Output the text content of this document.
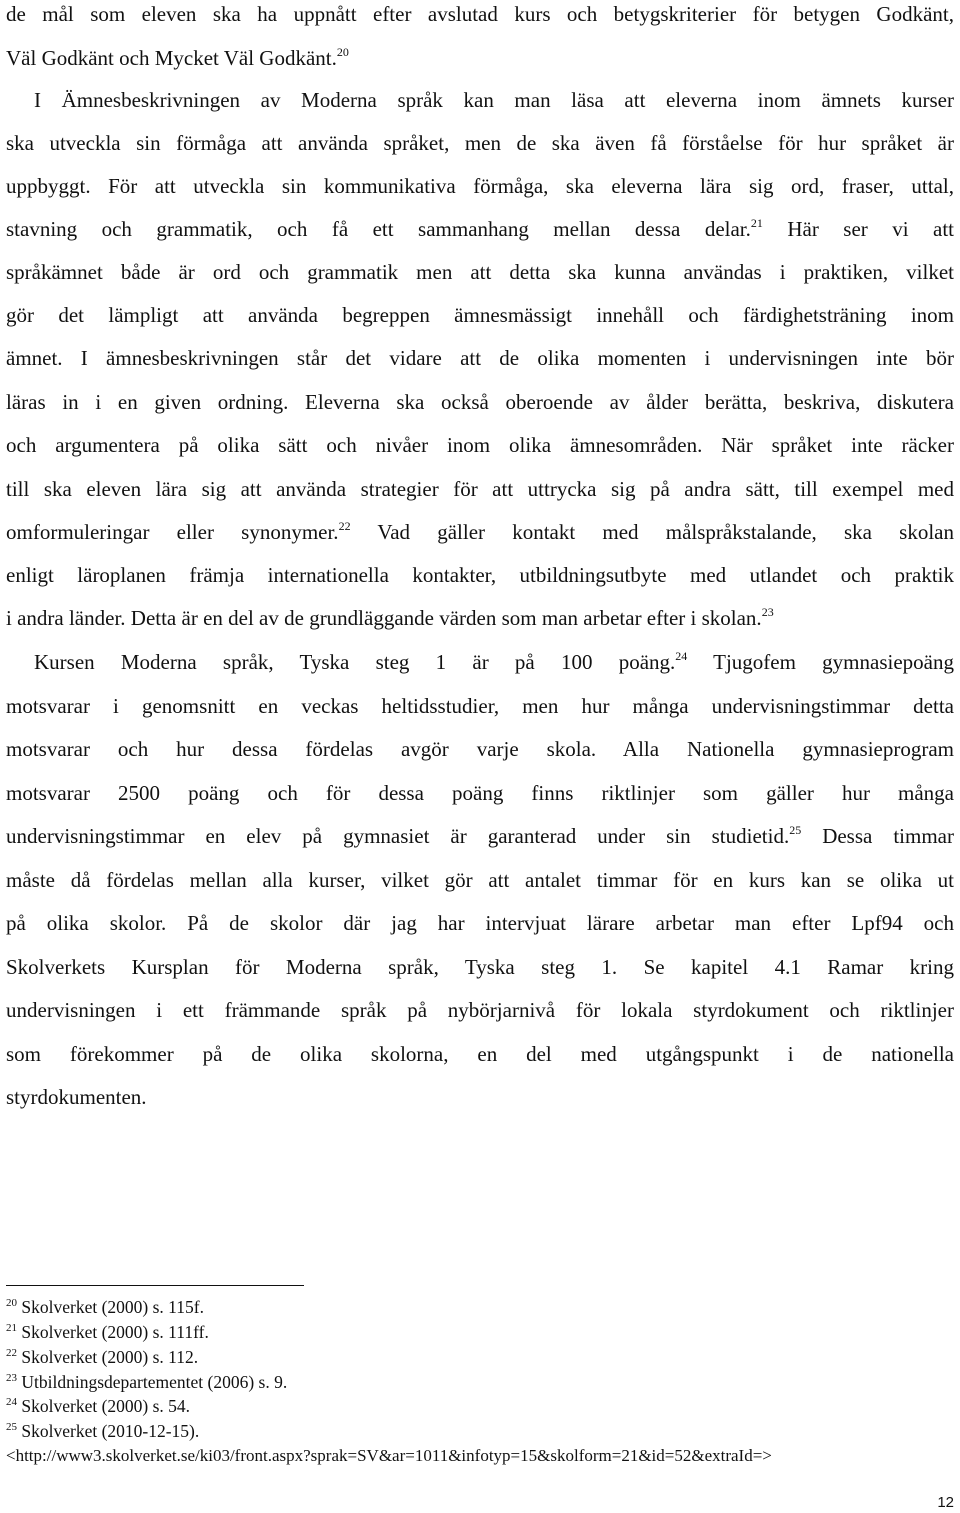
de mål som eleven ska ha uppnått efter avslutad kurs och betygskriterier för betygen Godkänt,
Väl Godkänt och Mycket Väl Godkänt.$^{20}$
I Ämnesbeskrivningen av Moderna språk kan man läsa att eleverna inom ämnets kurser
ska utveckla sin förmåga att använda språket, men de ska även få förståelse för hur språket är
uppbyggt. För att utveckla sin kommunikativa förmåga, ska eleverna lära sig ord, fraser, uttal,
stavning och grammatik, och få ett sammanhang mellan dessa delar.$^{21}$ Här ser vi att
språkämnet både är ord och grammatik men att detta ska kunna användas i praktiken, vilket
gör det lämpligt att använda begreppen ämnesmässigt innehåll och färdighetsträning inom
ämnet. I ämnesbeskrivningen står det vidare att de olika momenten i undervisningen inte bör
läras in i en given ordning. Eleverna ska också oberoende av ålder berätta, beskriva, diskutera
och argumentera på olika sätt och nivåer inom olika ämnesområden. När språket inte räcker
till ska eleven lära sig att använda strategier för att uttrycka sig på andra sätt, till exempel med
omformuleringar eller synonymer.$^{22}$ Vad gäller kontakt med målspråkstalande, ska skolan
enligt läroplanen främja internationella kontakter, utbildningsutbyte med utlandet och praktik
i andra länder. Detta är en del av de grundläggande värden som man arbetar efter i skolan.$^{23}$
Kursen Moderna språk, Tyska steg 1 är på 100 poäng.$^{24}$ Tjugofem gymnasiepoäng
motsvarar i genomsnitt en veckas heltidsstudier, men hur många undervisningstimmar detta
motsvarar och hur dessa fördelas avgör varje skola. Alla Nationella gymnasieprogram
motsvarar 2500 poäng och för dessa poäng finns riktlinjer som gäller hur många
undervisningstimmar en elev på gymnasiet är garanterad under sin studietid.$^{25}$ Dessa timmar
måste då fördelas mellan alla kurser, vilket gör att antalet timmar för en kurs kan se olika ut
på olika skolor. På de skolor där jag har intervjuat lärare arbetar man efter Lpf94 och
Skolverkets Kursplan för Moderna språk, Tyska steg 1. Se kapitel 4.1 Ramar kring
undervisningen i ett främmande språk på nybörjarnivå för lokala styrdokument och riktlinjer
som förekommer på de olika skolorna, en del med utgångspunkt i de nationella
styrdokumenten.
$^{20}$ Skolverket (2000) s. 115f.
$^{21}$ Skolverket (2000) s. 111ff.
$^{22}$ Skolverket (2000) s. 112.
$^{23}$ Utbildningsdepartementet (2006) s. 9.
$^{24}$ Skolverket (2000) s. 54.
$^{25}$ Skolverket (2010-12-15).
<http://www3.skolverket.se/ki03/front.aspx?sprak=SV&ar=1011&infotyp=15&skolform=21&id=52&extraId=>
12
